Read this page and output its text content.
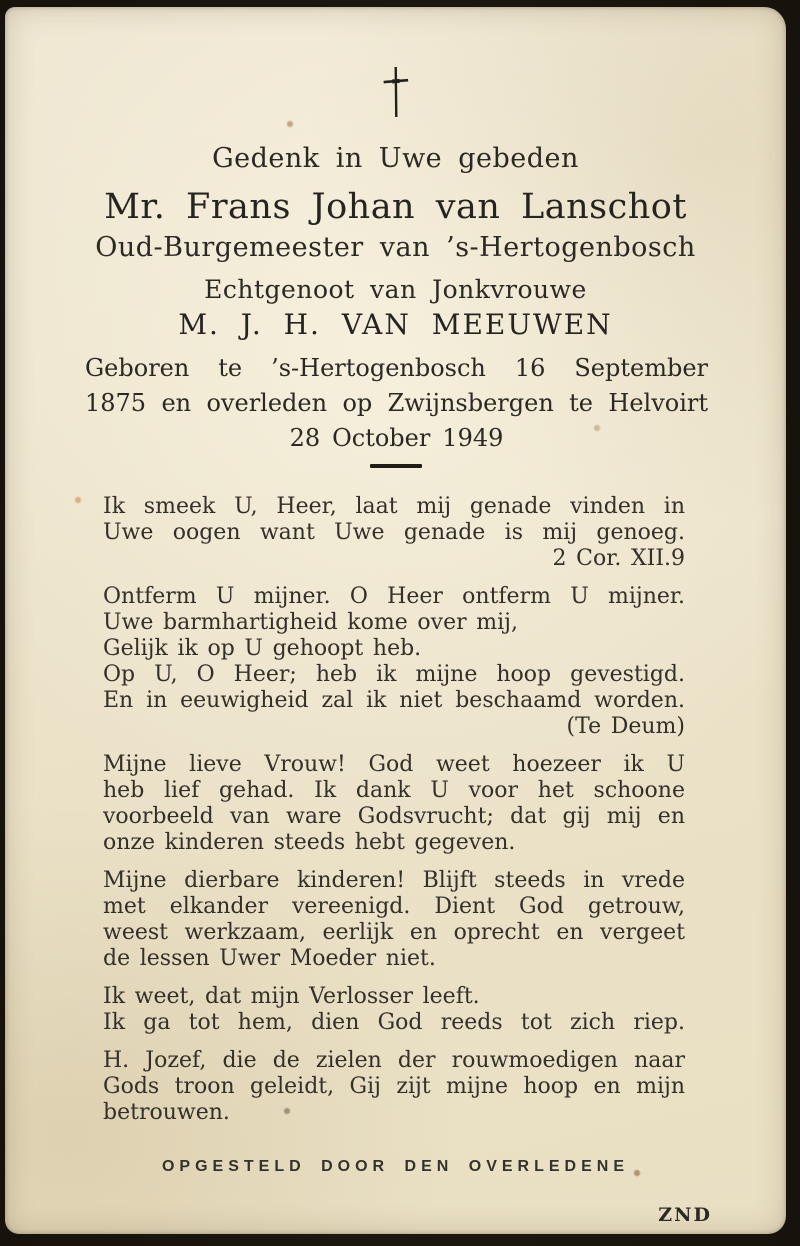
Gedenk in Uwe gebeden
Mr. Frans Johan van Lanschot
Oud-Burgemeester van ’s-Hertogenbosch
Echtgenoot van Jonkvrouwe
M. J. H. VAN MEEUWEN
Geboren te ’s-Hertogenbosch 16 September
1875 en overleden op Zwijnsbergen te Helvoirt
28 October 1949
Ik smeek U, Heer, laat mij genade vinden in
Uwe oogen want Uwe genade is mij genoeg.
2 Cor. XII.9
Ontferm U mijner. O Heer ontferm U mijner.
Uwe barmhartigheid kome over mij,
Gelijk ik op U gehoopt heb.
Op U, O Heer; heb ik mijne hoop gevestigd.
En in eeuwigheid zal ik niet beschaamd worden.
(Te Deum)
Mijne lieve Vrouw! God weet hoezeer ik U
heb lief gehad. Ik dank U voor het schoone
voorbeeld van ware Godsvrucht; dat gij mij en
onze kinderen steeds hebt gegeven.
Mijne dierbare kinderen! Blijft steeds in vrede
met elkander vereenigd. Dient God getrouw,
weest werkzaam, eerlijk en oprecht en vergeet
de lessen Uwer Moeder niet.
Ik weet, dat mijn Verlosser leeft.
Ik ga tot hem, dien God reeds tot zich riep.
H. Jozef, die de zielen der rouwmoedigen naar
Gods troon geleidt, Gij zijt mijne hoop en mijn
betrouwen.
OPGESTELD DOOR DEN OVERLEDENE
ZND
